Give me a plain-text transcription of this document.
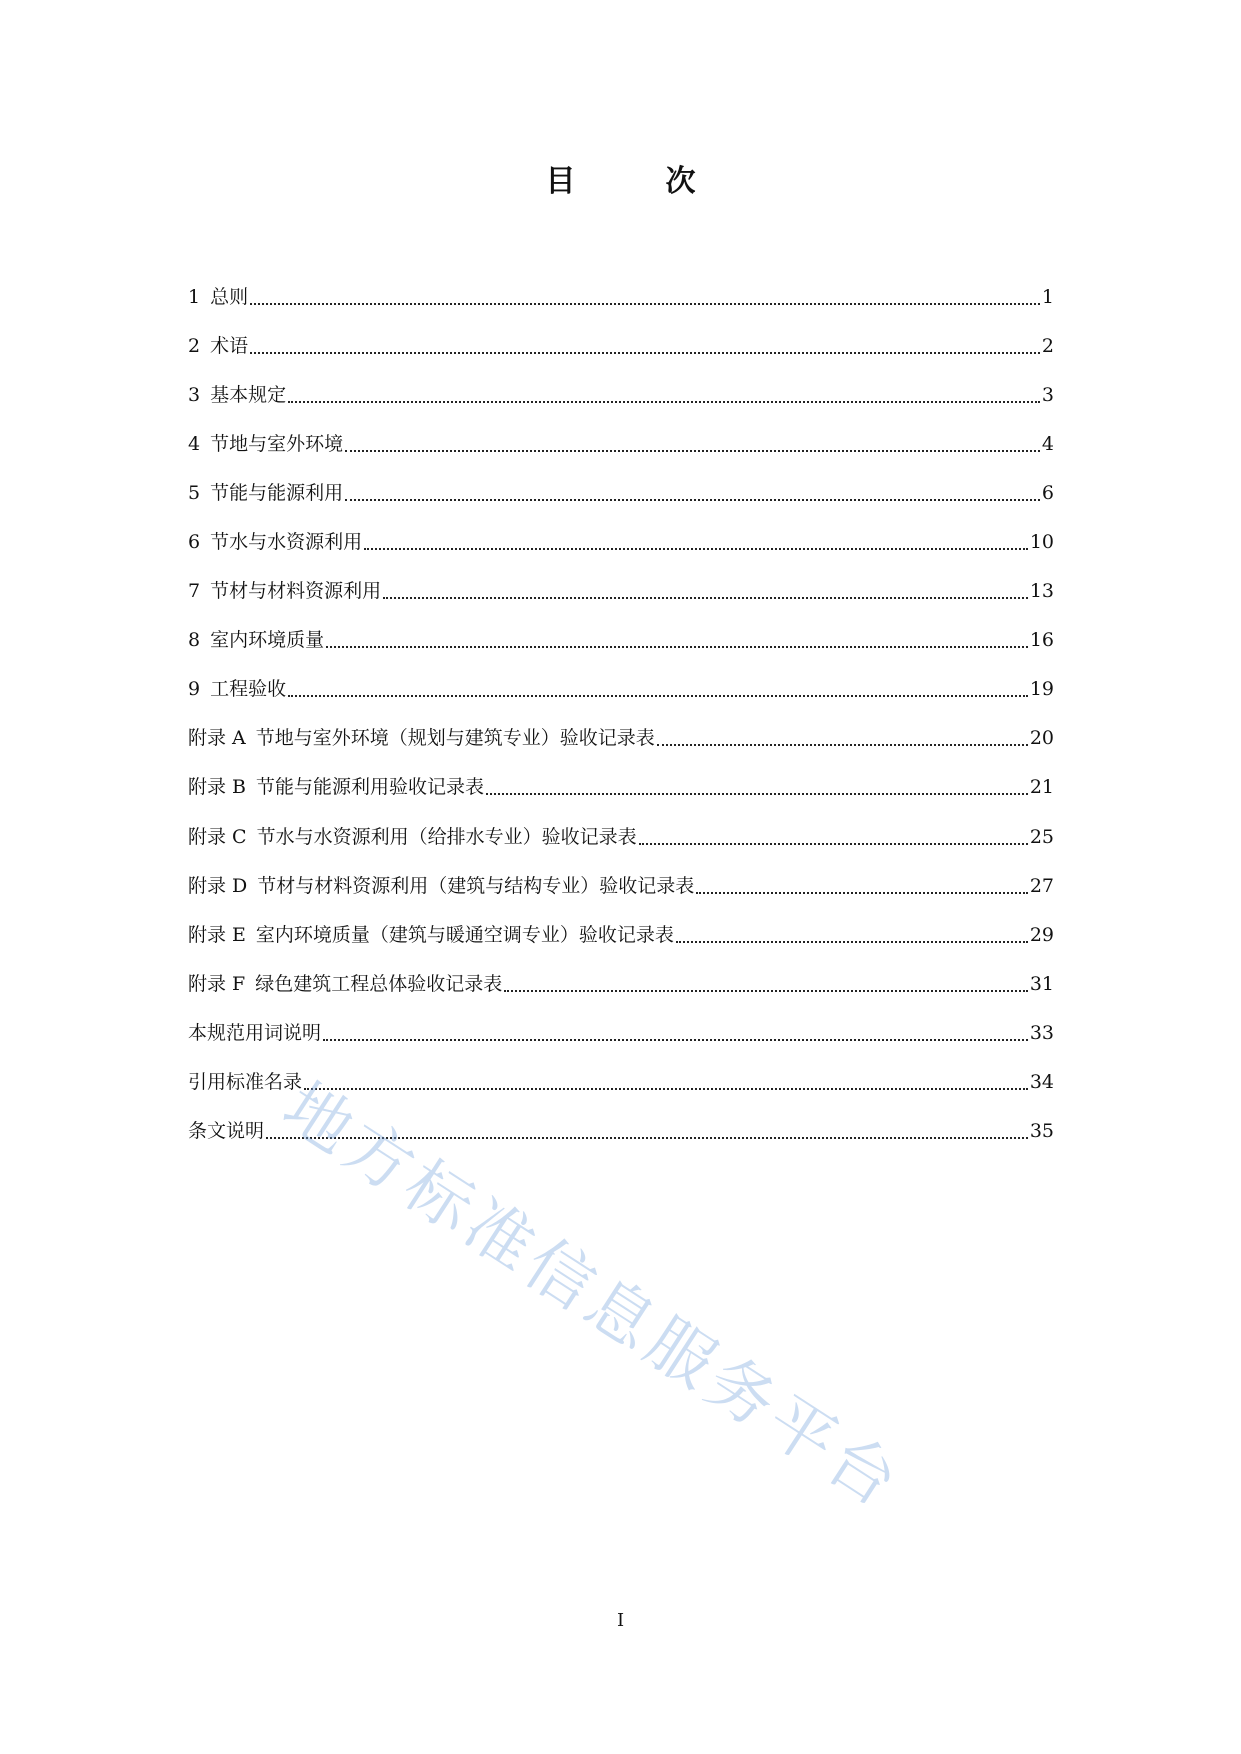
目　次
1 总则	1
2 术语	2
3 基本规定	3
4 节地与室外环境	4
5 节能与能源利用	6
6 节水与水资源利用	10
7 节材与材料资源利用	13
8 室内环境质量	16
9 工程验收	19
附录 A 节地与室外环境（规划与建筑专业）验收记录表	20
附录 B 节能与能源利用验收记录表	21
附录 C 节水与水资源利用（给排水专业）验收记录表	25
附录 D 节材与材料资源利用（建筑与结构专业）验收记录表	27
附录 E 室内环境质量（建筑与暖通空调专业）验收记录表	29
附录 F 绿色建筑工程总体验收记录表	31
本规范用词说明	33
引用标准名录	34
条文说明	35
地方标准信息服务平台
I
